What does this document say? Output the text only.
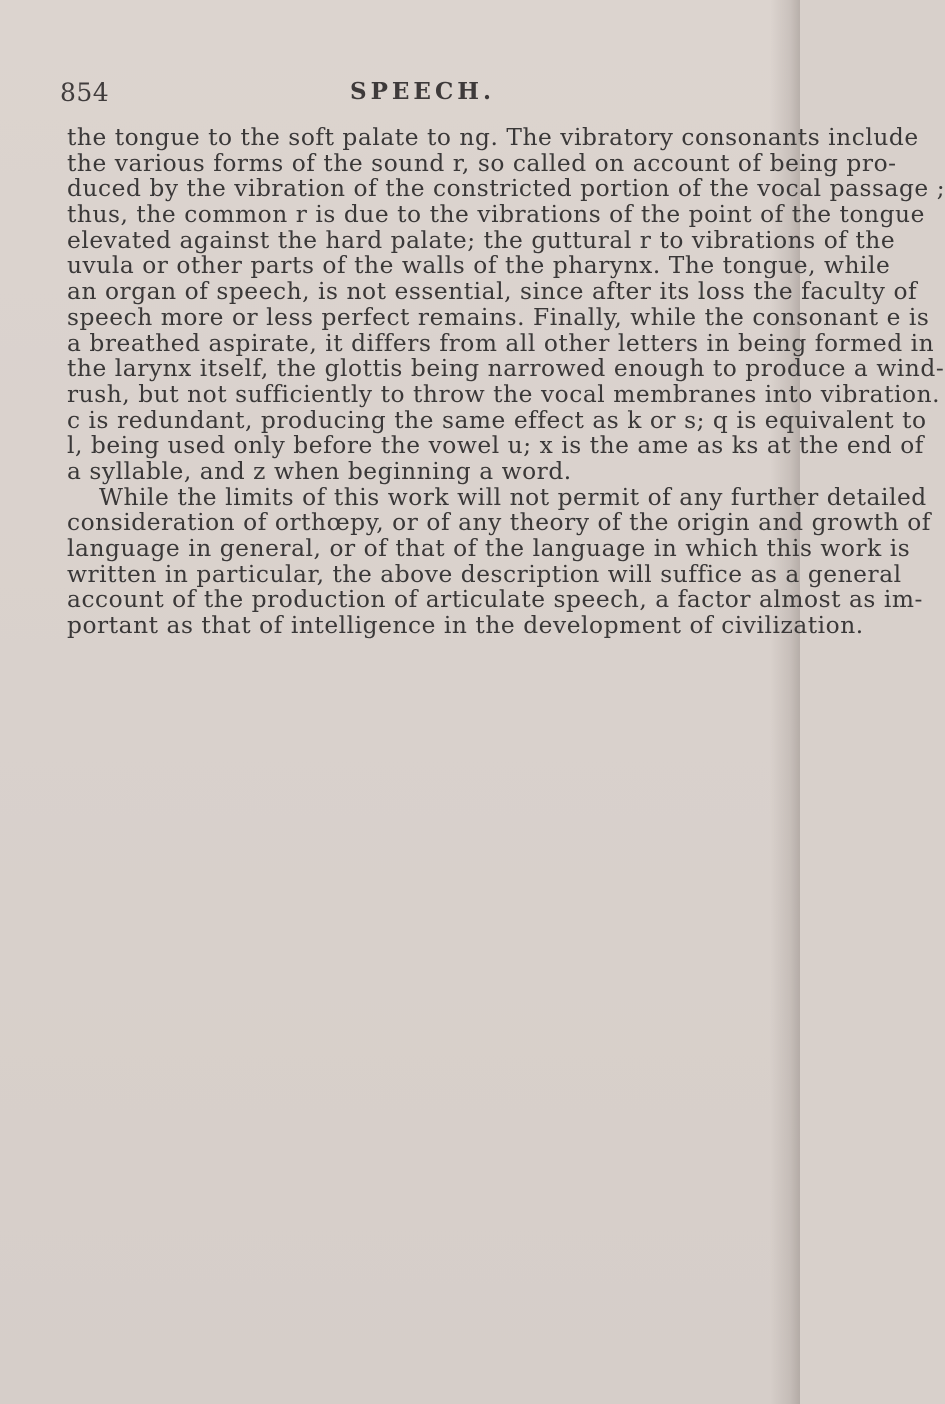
854	SPEECH.
the tongue to the soft palate to ng. The vibratory consonants include
the various forms of the sound r, so called on account of being pro-
duced by the vibration of the constricted portion of the vocal passage ;
thus, the common r is due to the vibrations of the point of the tongue
elevated against the hard palate; the guttural r to vibrations of the
uvula or other parts of the walls of the pharynx. The tongue, while
an organ of speech, is not essential, since after its loss the faculty of
speech more or less perfect remains. Finally, while the consonant e is
a breathed aspirate, it differs from all other letters in being formed in
the larynx itself, the glottis being narrowed enough to produce a wind-
rush, but not sufficiently to throw the vocal membranes into vibration.
c is redundant, producing the same effect as k or s; q is equivalent to
l, being used only before the vowel u; x is the ame as ks at the end of
a syllable, and z when beginning a word.
While the limits of this work will not permit of any further detailed
consideration of orthœpy, or of any theory of the origin and growth of
language in general, or of that of the language in which this work is
written in particular, the above description will suffice as a general
account of the production of articulate speech, a factor almost as im-
portant as that of intelligence in the development of civilization.
